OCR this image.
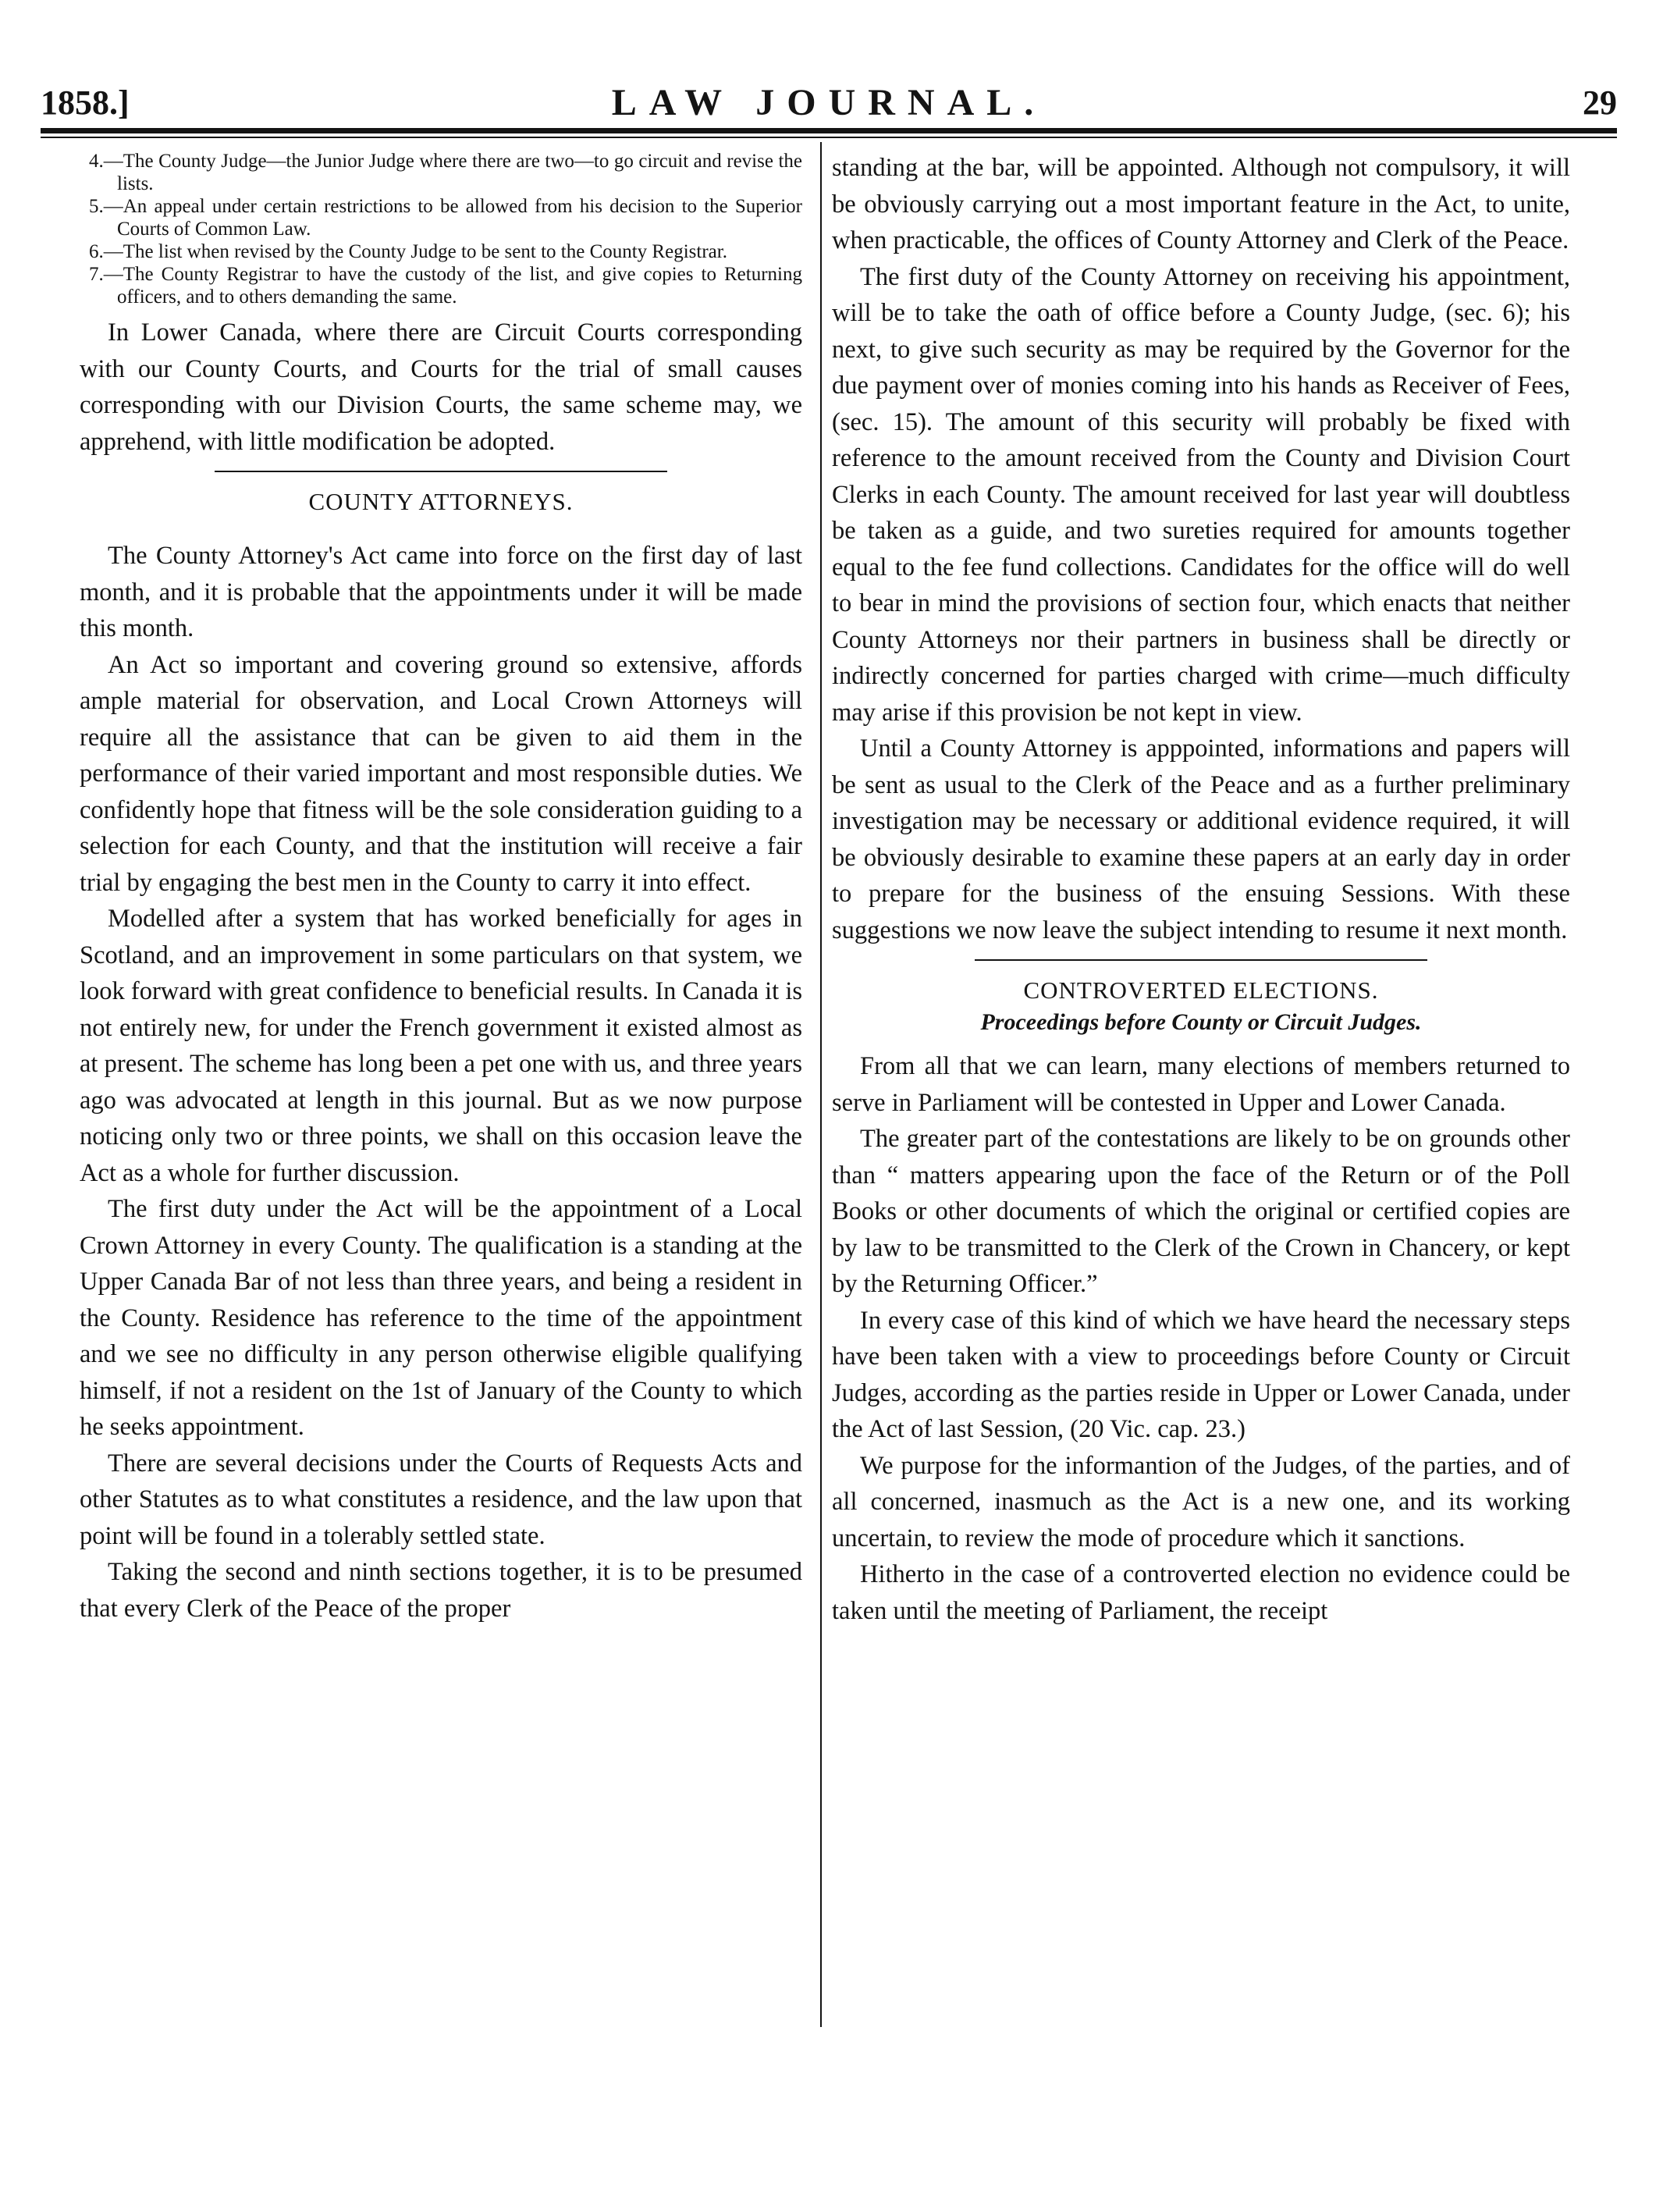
1858.]	LAW JOURNAL.	29
4.—The County Judge—the Junior Judge where there are two—to go circuit and revise the lists.
5.—An appeal under certain restrictions to be allowed from his decision to the Superior Courts of Common Law.
6.—The list when revised by the County Judge to be sent to the County Registrar.
7.—The County Registrar to have the custody of the list, and give copies to Returning officers, and to others demanding the same.

In Lower Canada, where there are Circuit Courts corresponding with our County Courts, and Courts for the trial of small causes corresponding with our Division Courts, the same scheme may, we apprehend, with little modification be adopted.

COUNTY ATTORNEYS.

The County Attorney's Act came into force on the first day of last month, and it is probable that the appointments under it will be made this month.

An Act so important and covering ground so extensive, affords ample material for observation, and Local Crown Attorneys will require all the assistance that can be given to aid them in the performance of their varied important and most responsible duties. We confidently hope that fitness will be the sole consideration guiding to a selection for each County, and that the institution will receive a fair trial by engaging the best men in the County to carry it into effect.

Modelled after a system that has worked beneficially for ages in Scotland, and an improvement in some particulars on that system, we look forward with great confidence to beneficial results. In Canada it is not entirely new, for under the French government it existed almost as at present. The scheme has long been a pet one with us, and three years ago was advocated at length in this journal. But as we now purpose noticing only two or three points, we shall on this occasion leave the Act as a whole for further discussion.

The first duty under the Act will be the appointment of a Local Crown Attorney in every County. The qualification is a standing at the Upper Canada Bar of not less than three years, and being a resident in the County. Residence has reference to the time of the appointment and we see no difficulty in any person otherwise eligible qualifying himself, if not a resident on the 1st of January of the County to which he seeks appointment.

There are several decisions under the Courts of Requests Acts and other Statutes as to what constitutes a residence, and the law upon that point will be found in a tolerably settled state.

Taking the second and ninth sections together, it is to be presumed that every Clerk of the Peace of the proper

standing at the bar, will be appointed. Although not compulsory, it will be obviously carrying out a most important feature in the Act, to unite, when practicable, the offices of County Attorney and Clerk of the Peace.

The first duty of the County Attorney on receiving his appointment, will be to take the oath of office before a County Judge, (sec. 6); his next, to give such security as may be required by the Governor for the due payment over of monies coming into his hands as Receiver of Fees, (sec. 15). The amount of this security will probably be fixed with reference to the amount received from the County and Division Court Clerks in each County. The amount received for last year will doubtless be taken as a guide, and two sureties required for amounts together equal to the fee fund collections. Candidates for the office will do well to bear in mind the provisions of section four, which enacts that neither County Attorneys nor their partners in business shall be directly or indirectly concerned for parties charged with crime—much difficulty may arise if this provision be not kept in view.

Until a County Attorney is apppointed, informations and papers will be sent as usual to the Clerk of the Peace and as a further preliminary investigation may be necessary or additional evidence required, it will be obviously desirable to examine these papers at an early day in order to prepare for the business of the ensuing Sessions. With these suggestions we now leave the subject intending to resume it next month.

CONTROVERTED ELECTIONS.
Proceedings before County or Circuit Judges.

From all that we can learn, many elections of members returned to serve in Parliament will be contested in Upper and Lower Canada.

The greater part of the contestations are likely to be on grounds other than “ matters appearing upon the face of the Return or of the Poll Books or other documents of which the original or certified copies are by law to be transmitted to the Clerk of the Crown in Chancery, or kept by the Returning Officer.”

In every case of this kind of which we have heard the necessary steps have been taken with a view to proceedings before County or Circuit Judges, according as the parties reside in Upper or Lower Canada, under the Act of last Session, (20 Vic. cap. 23.)

We purpose for the informantion of the Judges, of the parties, and of all concerned, inasmuch as the Act is a new one, and its working uncertain, to review the mode of procedure which it sanctions.

Hitherto in the case of a controverted election no evidence could be taken until the meeting of Parliament, the receipt
